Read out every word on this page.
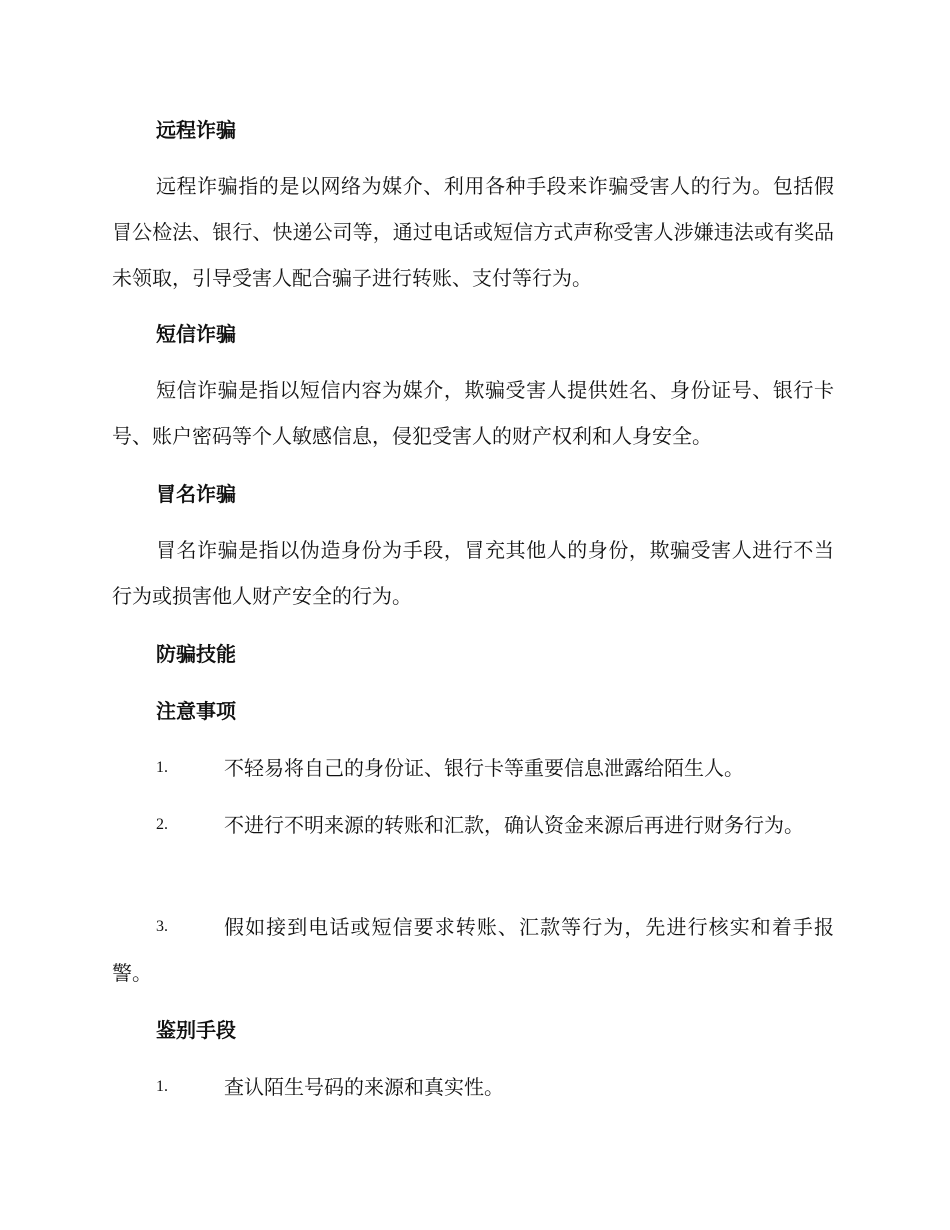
远程诈骗

远程诈骗指的是以网络为媒介、利用各种手段来诈骗受害人的行为。包括假冒公检法、银行、快递公司等，通过电话或短信方式声称受害人涉嫌违法或有奖品未领取，引导受害人配合骗子进行转账、支付等行为。

短信诈骗

短信诈骗是指以短信内容为媒介，欺骗受害人提供姓名、身份证号、银行卡号、账户密码等个人敏感信息，侵犯受害人的财产权利和人身安全。

冒名诈骗

冒名诈骗是指以伪造身份为手段，冒充其他人的身份，欺骗受害人进行不当行为或损害他人财产安全的行为。

防骗技能
注意事项
1.	不轻易将自己的身份证、银行卡等重要信息泄露给陌生人。
2.	不进行不明来源的转账和汇款，确认资金来源后再进行财务行为。
3.	假如接到电话或短信要求转账、汇款等行为，先进行核实和着手报警。
鉴别手段
1.	查认陌生号码的来源和真实性。
